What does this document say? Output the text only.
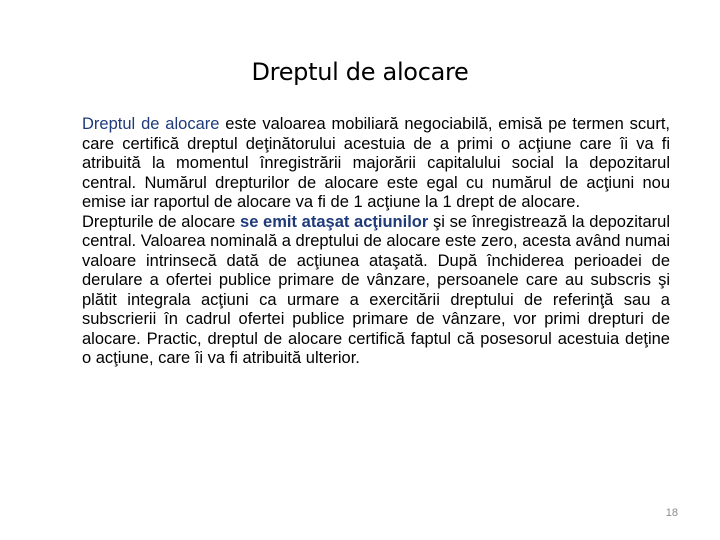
Dreptul de alocare

Dreptul de alocare este valoarea mobiliară negociabilă, emisă pe termen scurt, care certifică dreptul deţinătorului acestuia de a primi o acţiune care îi va fi atribuită la momentul înregistrării majorării capitalului social la depozitarul central. Numărul drepturilor de alocare este egal cu numărul de acţiuni nou emise iar raportul de alocare va fi de 1 acţiune la 1 drept de alocare.

Drepturile de alocare se emit ataşat acţiunilor şi se înregistrează la depozitarul central. Valoarea nominală a dreptului de alocare este zero, acesta având numai valoare intrinsecă dată de acţiunea ataşată. După închiderea perioadei de derulare a ofertei publice primare de vânzare, persoanele care au subscris şi plătit integrala acţiuni ca urmare a exercitării dreptului de referinţă sau a subscrierii în cadrul ofertei publice primare de vânzare, vor primi drepturi de alocare. Practic, dreptul de alocare certifică faptul că posesorul acestuia deţine o acţiune, care îi va fi atribuită ulterior.

18
